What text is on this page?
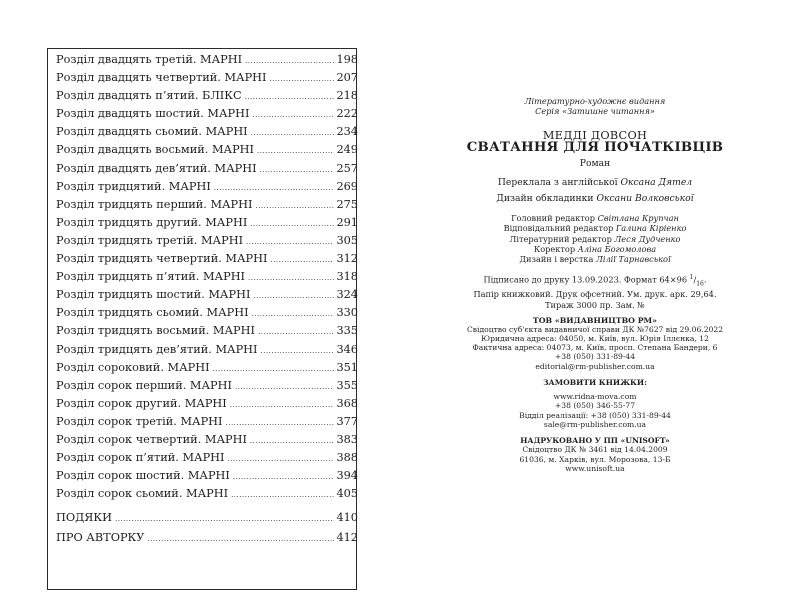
Розділ двадцять третій. МАРНІ .....	198
Розділ двадцять четвертий. МАРНІ .....	207
Розділ двадцять п’ятий. БЛІКС .....	218
Розділ двадцять шостий. МАРНІ .....	222
Розділ двадцять сьомий. МАРНІ .....	234
Розділ двадцять восьмий. МАРНІ .....	249
Розділ двадцять дев’ятий. МАРНІ .....	257
Розділ тридцятий. МАРНІ .....	269
Розділ тридцять перший. МАРНІ .....	275
Розділ тридцять другий. МАРНІ .....	291
Розділ тридцять третій. МАРНІ .....	305
Розділ тридцять четвертий. МАРНІ .....	312
Розділ тридцять п’ятий. МАРНІ .....	318
Розділ тридцять шостий. МАРНІ .....	324
Розділ тридцять сьомий. МАРНІ .....	330
Розділ тридцять восьмий. МАРНІ .....	335
Розділ тридцять дев’ятий. МАРНІ .....	346
Розділ сороковий. МАРНІ .....	351
Розділ сорок перший. МАРНІ .....	355
Розділ сорок другий. МАРНІ .....	368
Розділ сорок третій. МАРНІ .....	377
Розділ сорок четвертий. МАРНІ .....	383
Розділ сорок п’ятий. МАРНІ .....	388
Розділ сорок шостий. МАРНІ .....	394
Розділ сорок сьомий. МАРНІ .....	405
ПОДЯКИ .....	410
ПРО АВТОРКУ .....	412
Літературно-художнє видання
Серія «Затишне читання»
МЕДДІ ДОВСОН
СВАТАННЯ ДЛЯ ПОЧАТКІВЦІВ
Роман
Переклала з англійської Оксана Дятел
Дизайн обкладинки Оксани Волковської
Головний редактор Світлана Крупчан
Відповідальний редактор Галина Кіріенко
Літературний редактор Леся Дудченко
Коректор Аліна Богомолова
Дизайн і верстка Лілії Тарнавської
Підписано до друку 13.09.2023. Формат 64×96 $^1/_{16}$.
Папір книжковий. Друк офсетний. Ум. друк. арк. 29,64.
Тираж 3000 пр. Зам. №
ТОВ «ВИДАВНИЦТВО РМ»
Свідоцтво суб'єкта видавничої справи ДК №7627 від 29.06.2022
Юридична адреса: 04050, м. Київ, вул. Юрія Іллєнка, 12
Фактична адреса: 04073, м. Київ, просп. Степана Бандери, 6
+38 (050) 331-89-44
editorial@rm-publisher.com.ua
ЗАМОВИТИ КНИЖКИ:
www.ridna-mova.com
+38 (050) 346-55-77
Відділ реалізації: +38 (050) 331-89-44
sale@rm-publisher.com.ua
НАДРУКОВАНО У ПП «UNISOFT»
Свідоцтво ДК № 3461 від 14.04.2009
61036, м. Харків, вул. Морозова, 13-Б
www.unisoft.ua
